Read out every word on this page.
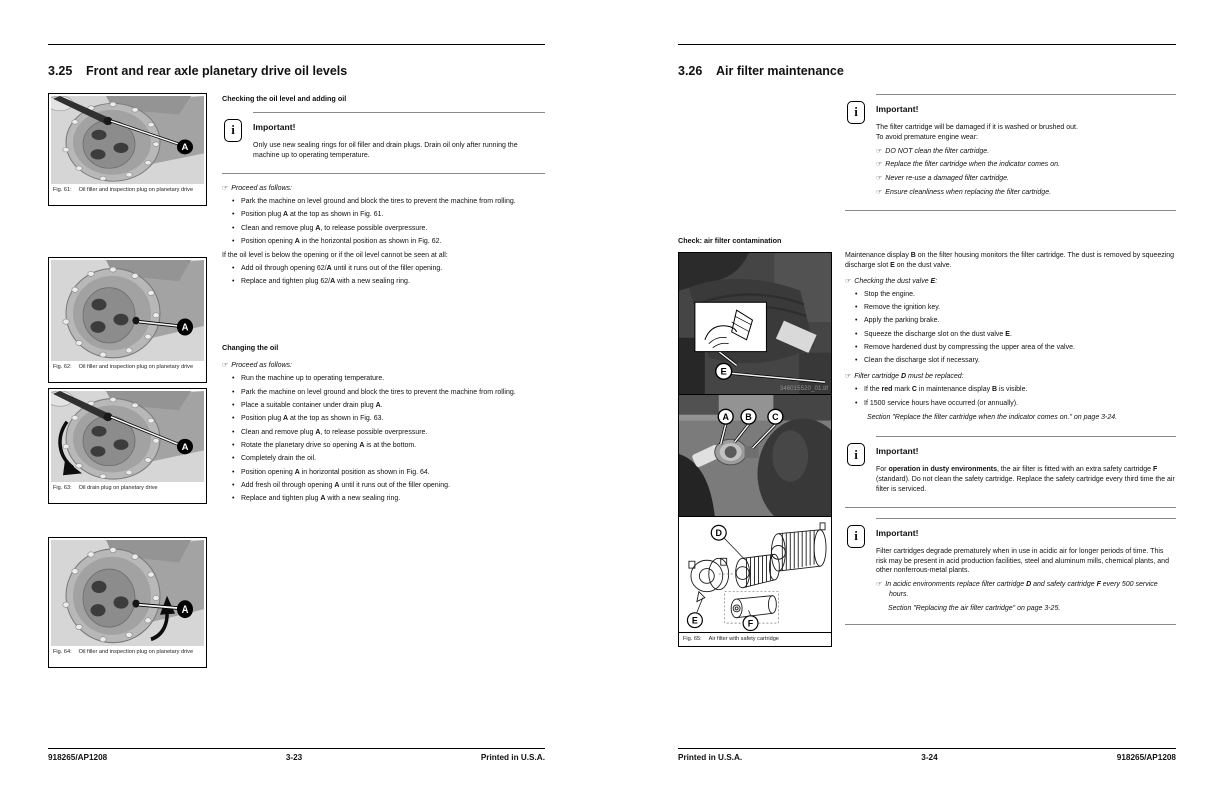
3.25 Front and rear axle planetary drive oil levels
A
Fig. 61: Oil filler and inspection plug on planetary drive
A
Fig. 62: Oil filler and inspection plug on planetary drive
A
Fig. 63: Oil drain plug on planetary drive
A
Fig. 64: Oil filler and inspection plug on planetary drive
Checking the oil level and adding oil
i Important!

Only use new sealing rings for oil filler and drain plugs. Drain oil only after running the machine up to operating temperature.

☞ Proceed as follows:
• Park the machine on level ground and block the tires to prevent the machine from rolling.
• Position plug A at the top as shown in Fig. 61.
• Clean and remove plug A, to release possible overpressure.
• Position opening A in the horizontal position as shown in Fig. 62.

If the oil level is below the opening or if the oil level cannot be seen at all:

• Add oil through opening 62/A until it runs out of the filler opening.
• Replace and tighten plug 62/A with a new sealing ring.
Changing the oil
☞ Proceed as follows:
• Run the machine up to operating temperature.
• Park the machine on level ground and block the tires to prevent the machine from rolling.
• Place a suitable container under drain plug A.
• Position plug A at the top as shown in Fig. 63.
• Clean and remove plug A, to release possible overpressure.
• Rotate the planetary drive so opening A is at the bottom.
• Completely drain the oil.
• Position opening A in horizontal position as shown in Fig. 64.
• Add fresh oil through opening A until it runs out of the filler opening.
• Replace and tighten plug A with a new sealing ring.
918265/AP1208	3-23	Printed in U.S.A.
3.26 Air filter maintenance
i Important!

The filter cartridge will be damaged if it is washed or brushed out.

To avoid premature engine wear:

☞ DO NOT clean the filter cartridge.
☞ Replace the filter cartridge when the indicator comes on.
☞ Never re-use a damaged filter cartridge.
☞ Ensure cleanliness when replacing the filter cartridge.
Check: air filter contamination
E
346015520_01.tif
A B C
D
E	F
Fig. 65: Air filter with safety cartridge

Maintenance display B on the filter housing monitors the filter cartridge. The dust is removed by squeezing discharge slot E on the dust valve.

☞ Checking the dust valve E:
• Stop the engine.
• Remove the ignition key.
• Apply the parking brake.
• Squeeze the discharge slot on the dust valve E.
• Remove hardened dust by compressing the upper area of the valve.
• Clean the discharge slot if necessary.
☞ Filter cartridge D must be replaced:
• If the red mark C in maintenance display B is visible.
• If 1500 service hours have occurred (or annually).
Section "Replace the filter cartridge when the indicator comes on." on page 3-24.
i Important!

For operation in dusty environments, the air filter is fitted with an extra safety cartridge F (standard). Do not clean the safety cartridge. Replace the safety cartridge every third time the air filter is serviced.

i Important!

Filter cartridges degrade prematurely when in use in acidic air for longer periods of time. This risk may be present in acid production facilities, steel and aluminum mills, chemical plants, and other nonferrous-metal plants.

☞ In acidic environments replace filter cartridge D and safety cartridge F every 500 service hours.
Section "Replacing the air filter cartridge" on page 3-25.
Printed in U.S.A.	3-24	918265/AP1208
